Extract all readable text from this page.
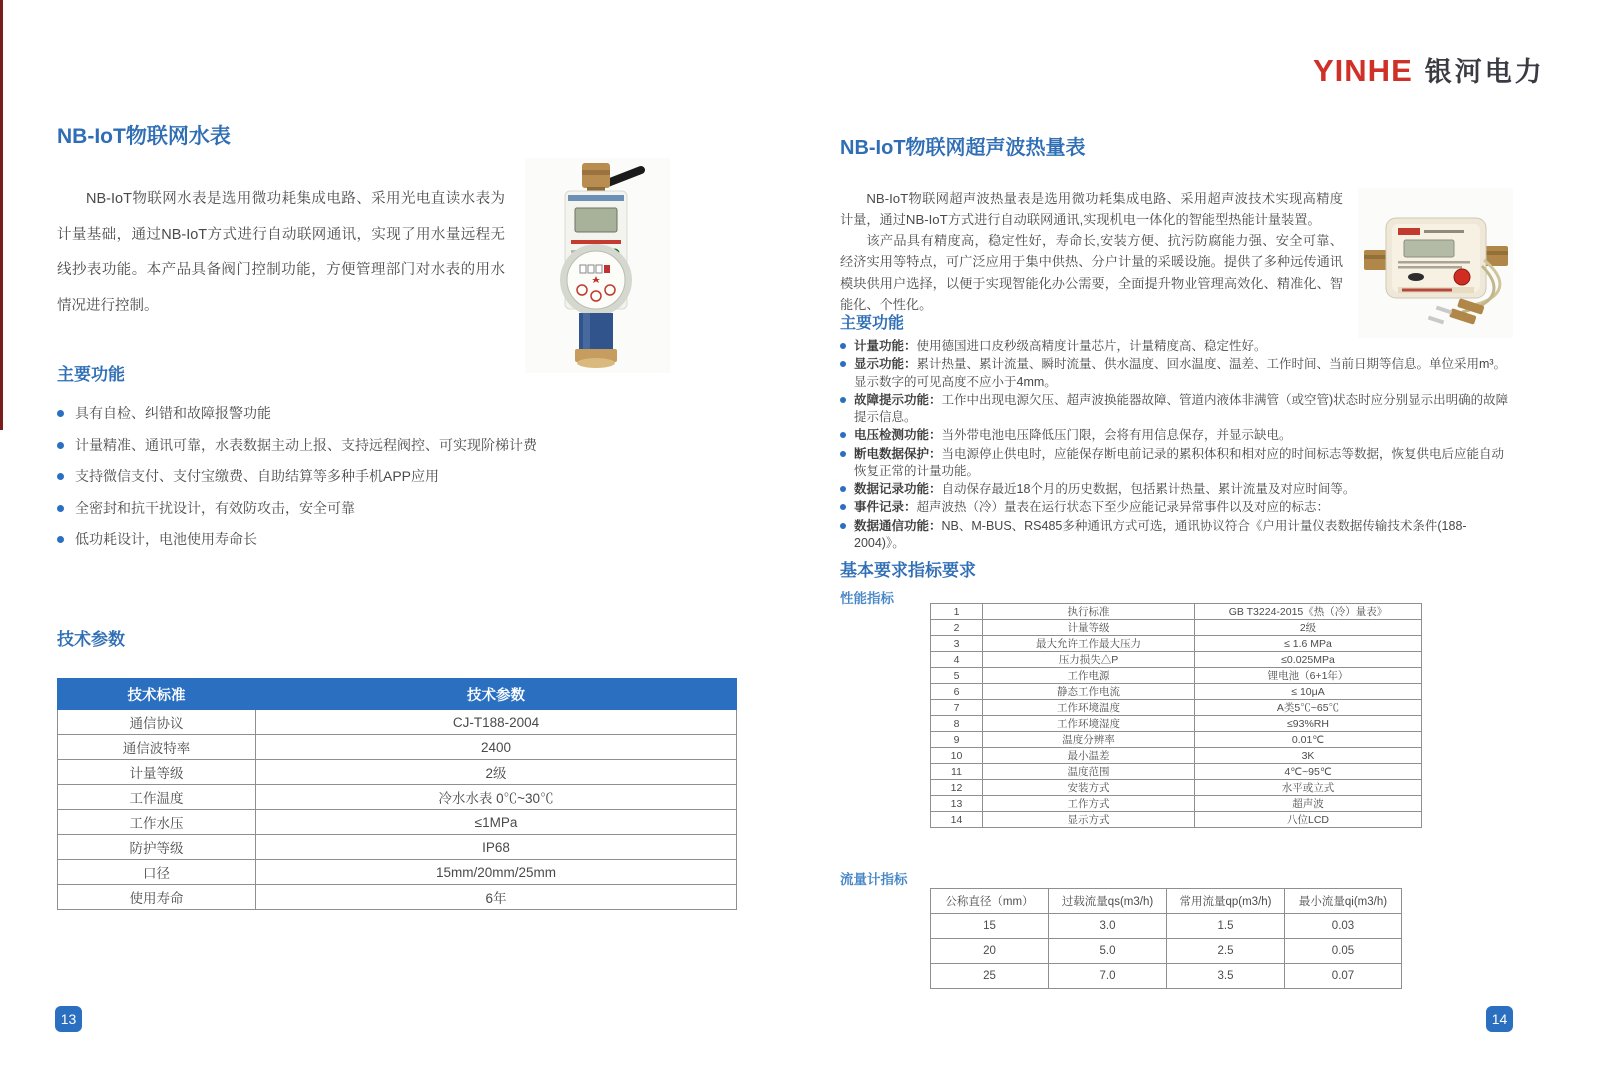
YINHE 银河电力
NB-IoT物联网水表

NB-IoT物联网水表是选用微功耗集成电路、采用光电直读水表为计量基础，通过NB-IoT方式进行自动联网通讯，实现了用水量远程无线抄表功能。本产品具备阀门控制功能，方便管理部门对水表的用水情况进行控制。

主要功能
具有自检、纠错和故障报警功能
计量精准、通讯可靠，水表数据主动上报、支持远程阀控、可实现阶梯计费
支持微信支付、支付宝缴费、自助结算等多种手机APP应用
全密封和抗干扰设计，有效防攻击，安全可靠
低功耗设计，电池使用寿命长
技术参数
技术标准	技术参数
通信协议	CJ-T188-2004
通信波特率	2400
计量等级	2级
工作温度	冷水水表 0℃~30℃
工作水压	≤1MPa
防护等级	IP68
口径	15mm/20mm/25mm
使用寿命	6年
13
NB-IoT物联网超声波热量表

NB-IoT物联网超声波热量表是选用微功耗集成电路、采用超声波技术实现高精度计量，通过NB-IoT方式进行自动联网通讯,实现机电一体化的智能型热能计量装置。

该产品具有精度高，稳定性好，寿命长,安装方便、抗污防腐能力强、安全可靠、经济实用等特点，可广泛应用于集中供热、分户计量的采暖设施。提供了多种远传通讯模块供用户选择，以便于实现智能化办公需要，全面提升物业管理高效化、精准化、智能化、个性化。

主要功能
计量功能：使用德国进口皮秒级高精度计量芯片，计量精度高、稳定性好。
显示功能：累计热量、累计流量、瞬时流量、供水温度、回水温度、温差、工作时间、当前日期等信息。单位采用m³。显示数字的可见高度不应小于4mm。
故障提示功能：工作中出现电源欠压、超声波换能器故障、管道内液体非满管（或空管)状态时应分别显示出明确的故障提示信息。
电压检测功能：当外带电池电压降低压门限，会将有用信息保存，并显示缺电。
断电数据保护：当电源停止供电时，应能保存断电前记录的累积体积和相对应的时间标志等数据，恢复供电后应能自动恢复正常的计量功能。
数据记录功能：自动保存最近18个月的历史数据，包括累计热量、累计流量及对应时间等。
事件记录：超声波热（冷）量表在运行状态下至少应能记录异常事件以及对应的标志：
数据通信功能：NB、M-BUS、RS485多种通讯方式可选，通讯协议符合《户用计量仪表数据传输技术条件(188-2004)》。
基本要求指标要求
性能指标
1	执行标准	GB T3224-2015《热（冷）量表》
2	计量等级	2级
3	最大允许工作最大压力	≤ 1.6 MPa
4	压力损失△P	≤0.025MPa
5	工作电源	锂电池（6+1年）
6	静态工作电流	≤ 10μA
7	工作环境温度	A类5℃~65℃
8	工作环境湿度	≤93%RH
9	温度分辨率	0.01℃
10	最小温差	3K
11	温度范围	4℃~95℃
12	安装方式	水平或立式
13	工作方式	超声波
14	显示方式	八位LCD
流量计指标
公称直径（mm）	过载流量qs(m3/h)	常用流量qp(m3/h)	最小流量qi(m3/h)
15	3.0	1.5	0.03
20	5.0	2.5	0.05
25	7.0	3.5	0.07
14
